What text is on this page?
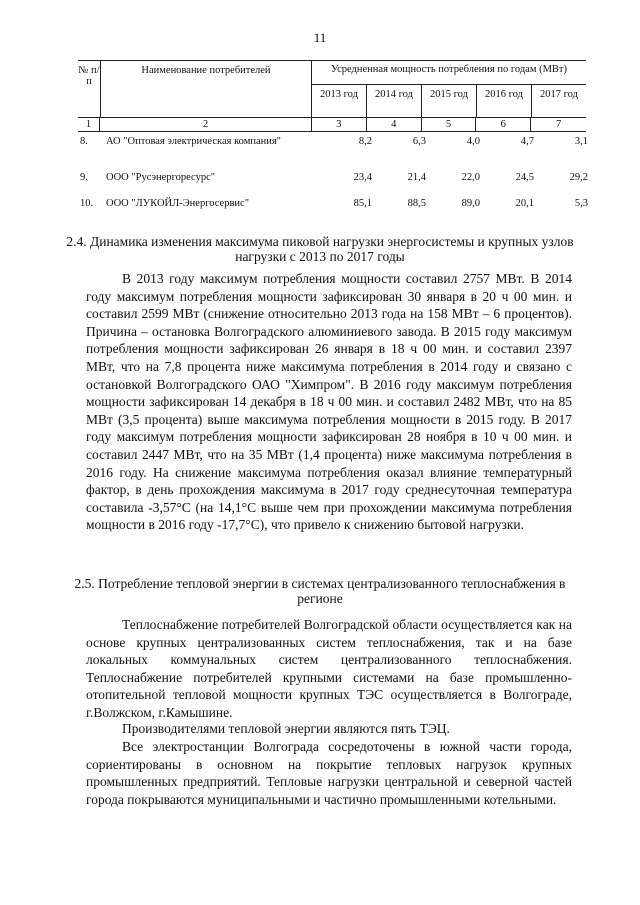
11
№ п/п
Наименование потребителей	Усредненная мощность потребления по годам (МВт)
2013 год	2014 год	2015 год	2016 год	2017 год
1	2	3	4	5	6	7
8.	АО "Оптовая электрическая компания"	8,2	6,3	4,0	4,7	3,1
9.	ООО "Русэнергоресурс"	23,4	21,4	22,0	24,5	29,2
10.	ООО "ЛУКОЙЛ-Энергосервис"	85,1	88,5	89,0	20,1	5,3
2.4. Динамика изменения максимума пиковой нагрузки энергосистемы и крупных узлов нагрузки с 2013 по 2017 годы

В 2013 году максимум потребления мощности составил 2757 МВт. В 2014 году максимум потребления мощности зафиксирован 30 января в 20 ч 00 мин. и составил 2599 МВт (снижение относительно 2013 года на 158 МВт – 6 процентов). Причина – остановка Волгоградского алюминиевого завода. В 2015 году максимум потребления мощности зафиксирован 26 января в 18 ч 00 мин. и составил 2397 МВт, что на 7,8 процента ниже максимума потребления в 2014 году и связано с остановкой Волгоградского ОАО "Химпром". В 2016 году максимум потребления мощности зафиксирован 14 декабря в 18 ч 00 мин. и составил 2482 МВт, что на 85 МВт (3,5 процента) выше максимума потребления мощности в 2015 году. В 2017 году максимум потребления мощности зафиксирован 28 ноября в 10 ч 00 мин. и составил 2447 МВт, что на 35 МВт (1,4 процента) ниже максимума потребления в 2016 году. На снижение максимума потребления оказал влияние температурный фактор, в день прохождения максимума в 2017 году среднесуточная температура составила -3,57°С (на 14,1°С выше чем при прохождении максимума потребления мощности в 2016 году -17,7°С), что привело к снижению бытовой нагрузки.

2.5. Потребление тепловой энергии в системах централизованного теплоснабжения в регионе

Теплоснабжение потребителей Волгоградской области осуществляется как на основе крупных централизованных систем теплоснабжения, так и на базе локальных коммунальных систем централизованного теплоснабжения. Теплоснабжение потребителей крупными системами на базе промышленно-отопительной тепловой мощности крупных ТЭС осуществляется в Волгограде, г.Волжском, г.Камышине.

Производителями тепловой энергии являются пять ТЭЦ.

Все электростанции Волгограда сосредоточены в южной части города, сориентированы в основном на покрытие тепловых нагрузок крупных промышленных предприятий. Тепловые нагрузки центральной и северной частей города покрываются муниципальными и частично промышленными котельными.
